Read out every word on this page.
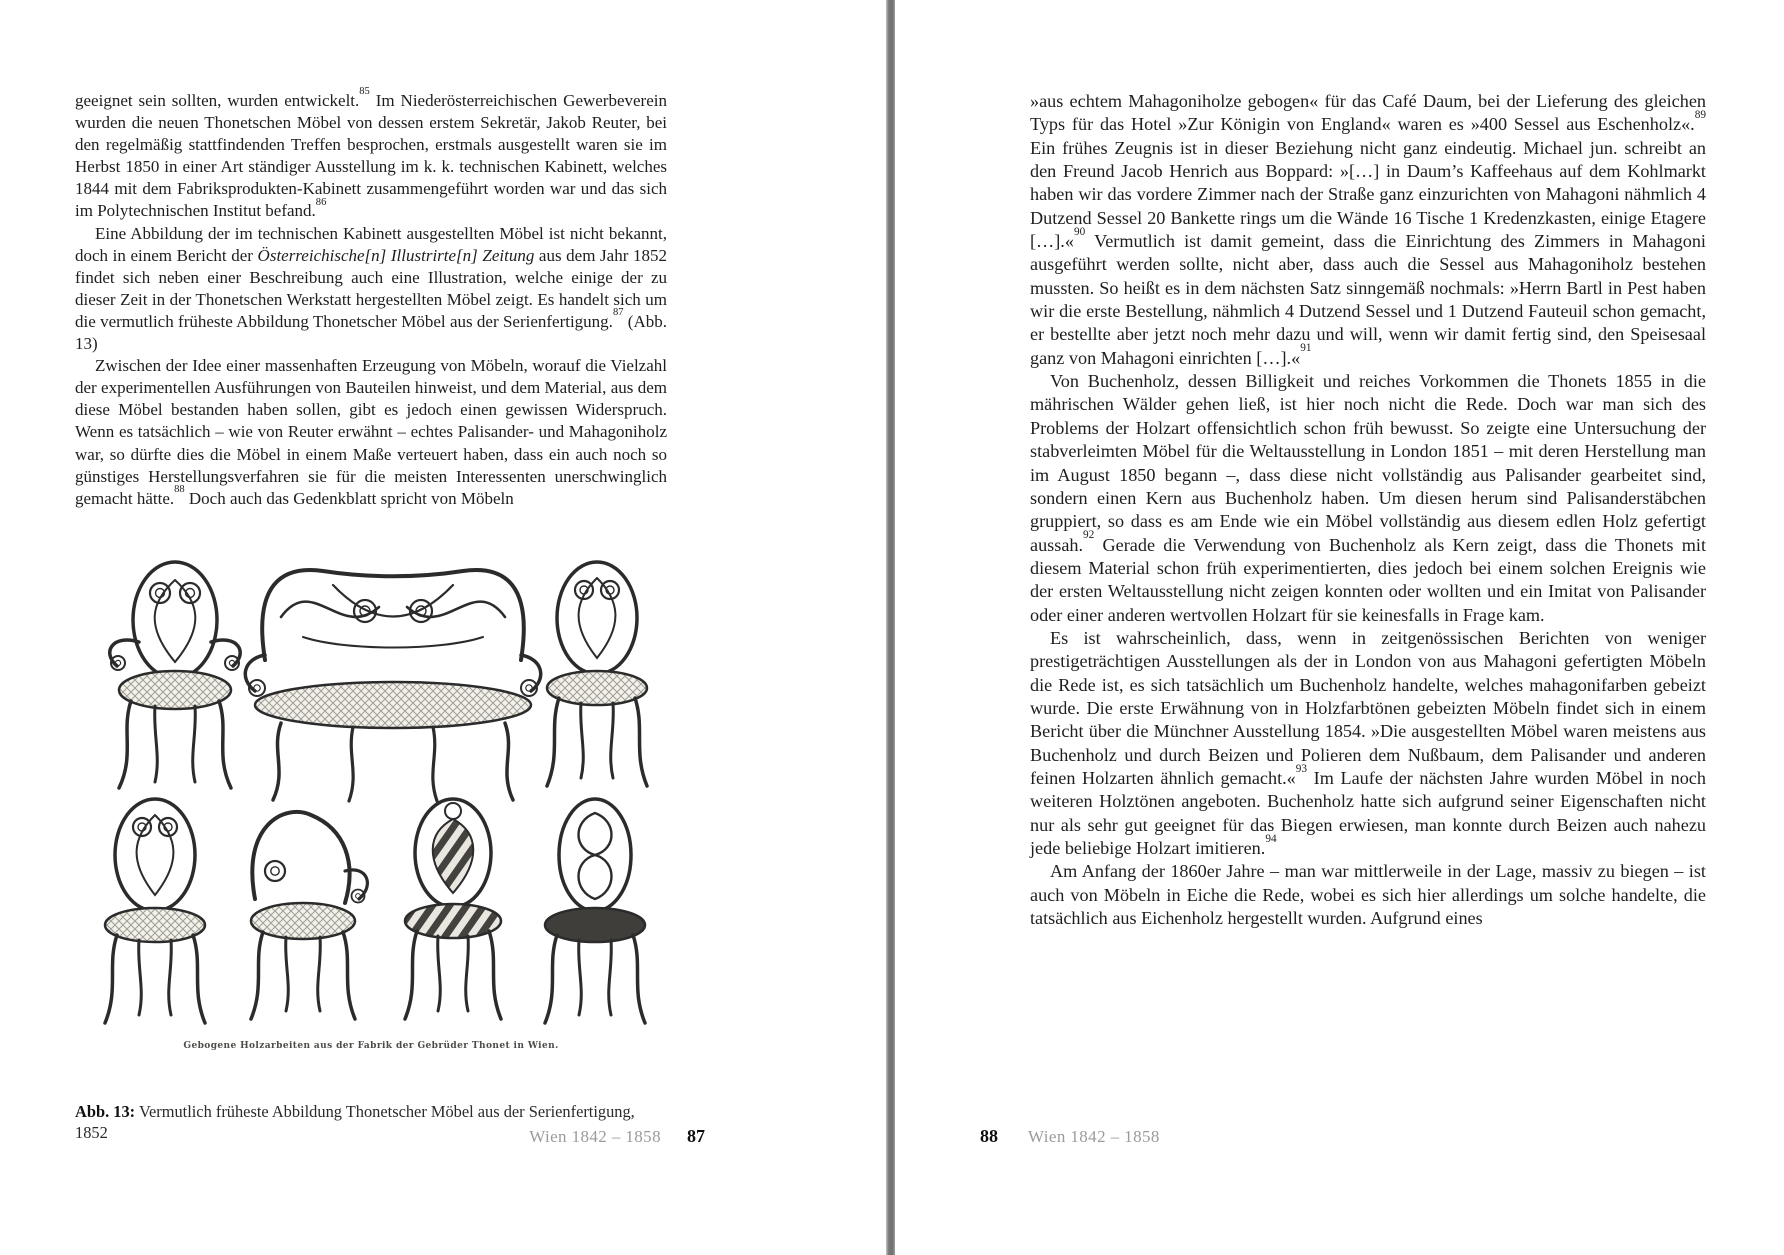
geeignet sein sollten, wurden entwickelt.$^{85}$ Im Niederösterreichischen Gewerbeverein wurden die neuen Thonetschen Möbel von dessen erstem Sekretär, Jakob Reuter, bei den regelmäßig stattfindenden Treffen besprochen, erstmals ausgestellt waren sie im Herbst 1850 in einer Art ständiger Ausstellung im k. k. technischen Kabinett, welches 1844 mit dem Fabriksprodukten-Kabinett zusammengeführt worden war und das sich im Polytechnischen Institut befand.$^{86}$

Eine Abbildung der im technischen Kabinett ausgestellten Möbel ist nicht bekannt, doch in einem Bericht der Österreichische[n] Illustrirte[n] Zeitung aus dem Jahr 1852 findet sich neben einer Beschreibung auch eine Illustration, welche einige der zu dieser Zeit in der Thonetschen Werkstatt hergestellten Möbel zeigt. Es handelt sich um die vermutlich früheste Abbildung Thonetscher Möbel aus der Serienfertigung.$^{87}$ (Abb. 13)

Zwischen der Idee einer massenhaften Erzeugung von Möbeln, worauf die Vielzahl der experimentellen Ausführungen von Bauteilen hinweist, und dem Material, aus dem diese Möbel bestanden haben sollen, gibt es jedoch einen gewissen Widerspruch. Wenn es tatsächlich – wie von Reuter erwähnt – echtes Palisander- und Mahagoniholz war, so dürfte dies die Möbel in einem Maße verteuert haben, dass ein auch noch so günstiges Herstellungsverfahren sie für die meisten Interessenten unerschwinglich gemacht hätte.$^{88}$ Doch auch das Gedenkblatt spricht von Möbeln

Gebogene Holzarbeiten aus der Fabrik der Gebrüder Thonet in Wien.

Abb. 13: Vermutlich früheste Abbildung Thonetscher Möbel aus der Serienfertigung, 1852	Wien 1842 – 1858 87

»aus echtem Mahagoniholze gebogen« für das Café Daum, bei der Lieferung des gleichen Typs für das Hotel »Zur Königin von England« waren es »400 Sessel aus Eschenholz«.$^{89}$ Ein frühes Zeugnis ist in dieser Beziehung nicht ganz eindeutig. Michael jun. schreibt an den Freund Jacob Henrich aus Boppard: »[…] in Daum’s Kaffeehaus auf dem Kohlmarkt haben wir das vordere Zimmer nach der Straße ganz einzurichten von Mahagoni nähmlich 4 Dutzend Sessel 20 Bankette rings um die Wände 16 Tische 1 Kredenzkasten, einige Etagere […].«$^{90}$ Vermutlich ist damit gemeint, dass die Einrichtung des Zimmers in Mahagoni ausgeführt werden sollte, nicht aber, dass auch die Sessel aus Mahagoniholz bestehen mussten. So heißt es in dem nächsten Satz sinngemäß nochmals: »Herrn Bartl in Pest haben wir die erste Bestellung, nähmlich 4 Dutzend Sessel und 1 Dutzend Fauteuil schon gemacht, er bestellte aber jetzt noch mehr dazu und will, wenn wir damit fertig sind, den Speisesaal ganz von Mahagoni einrichten […].«$^{91}$

Von Buchenholz, dessen Billigkeit und reiches Vorkommen die Thonets 1855 in die mährischen Wälder gehen ließ, ist hier noch nicht die Rede. Doch war man sich des Problems der Holzart offensichtlich schon früh bewusst. So zeigte eine Untersuchung der stabverleimten Möbel für die Weltausstellung in London 1851 – mit deren Herstellung man im August 1850 begann –, dass diese nicht vollständig aus Palisander gearbeitet sind, sondern einen Kern aus Buchenholz haben. Um diesen herum sind Palisanderstäbchen gruppiert, so dass es am Ende wie ein Möbel vollständig aus diesem edlen Holz gefertigt aussah.$^{92}$ Gerade die Verwendung von Buchenholz als Kern zeigt, dass die Thonets mit diesem Material schon früh experimentierten, dies jedoch bei einem solchen Ereignis wie der ersten Weltausstellung nicht zeigen konnten oder wollten und ein Imitat von Palisander oder einer anderen wertvollen Holzart für sie keinesfalls in Frage kam.

Es ist wahrscheinlich, dass, wenn in zeitgenössischen Berichten von weniger prestigeträchtigen Ausstellungen als der in London von aus Mahagoni gefertigten Möbeln die Rede ist, es sich tatsächlich um Buchenholz handelte, welches mahagonifarben gebeizt wurde. Die erste Erwähnung von in Holzfarbtönen gebeizten Möbeln findet sich in einem Bericht über die Münchner Ausstellung 1854. »Die ausgestellten Möbel waren meistens aus Buchenholz und durch Beizen und Polieren dem Nußbaum, dem Palisander und anderen feinen Holzarten ähnlich gemacht.«$^{93}$ Im Laufe der nächsten Jahre wurden Möbel in noch weiteren Holztönen angeboten. Buchenholz hatte sich aufgrund seiner Eigenschaften nicht nur als sehr gut geeignet für das Biegen erwiesen, man konnte durch Beizen auch nahezu jede beliebige Holzart imitieren.$^{94}$

Am Anfang der 1860er Jahre – man war mittlerweile in der Lage, massiv zu biegen – ist auch von Möbeln in Eiche die Rede, wobei es sich hier allerdings um solche handelte, die tatsächlich aus Eichenholz hergestellt wurden. Aufgrund eines

88 Wien 1842 – 1858
